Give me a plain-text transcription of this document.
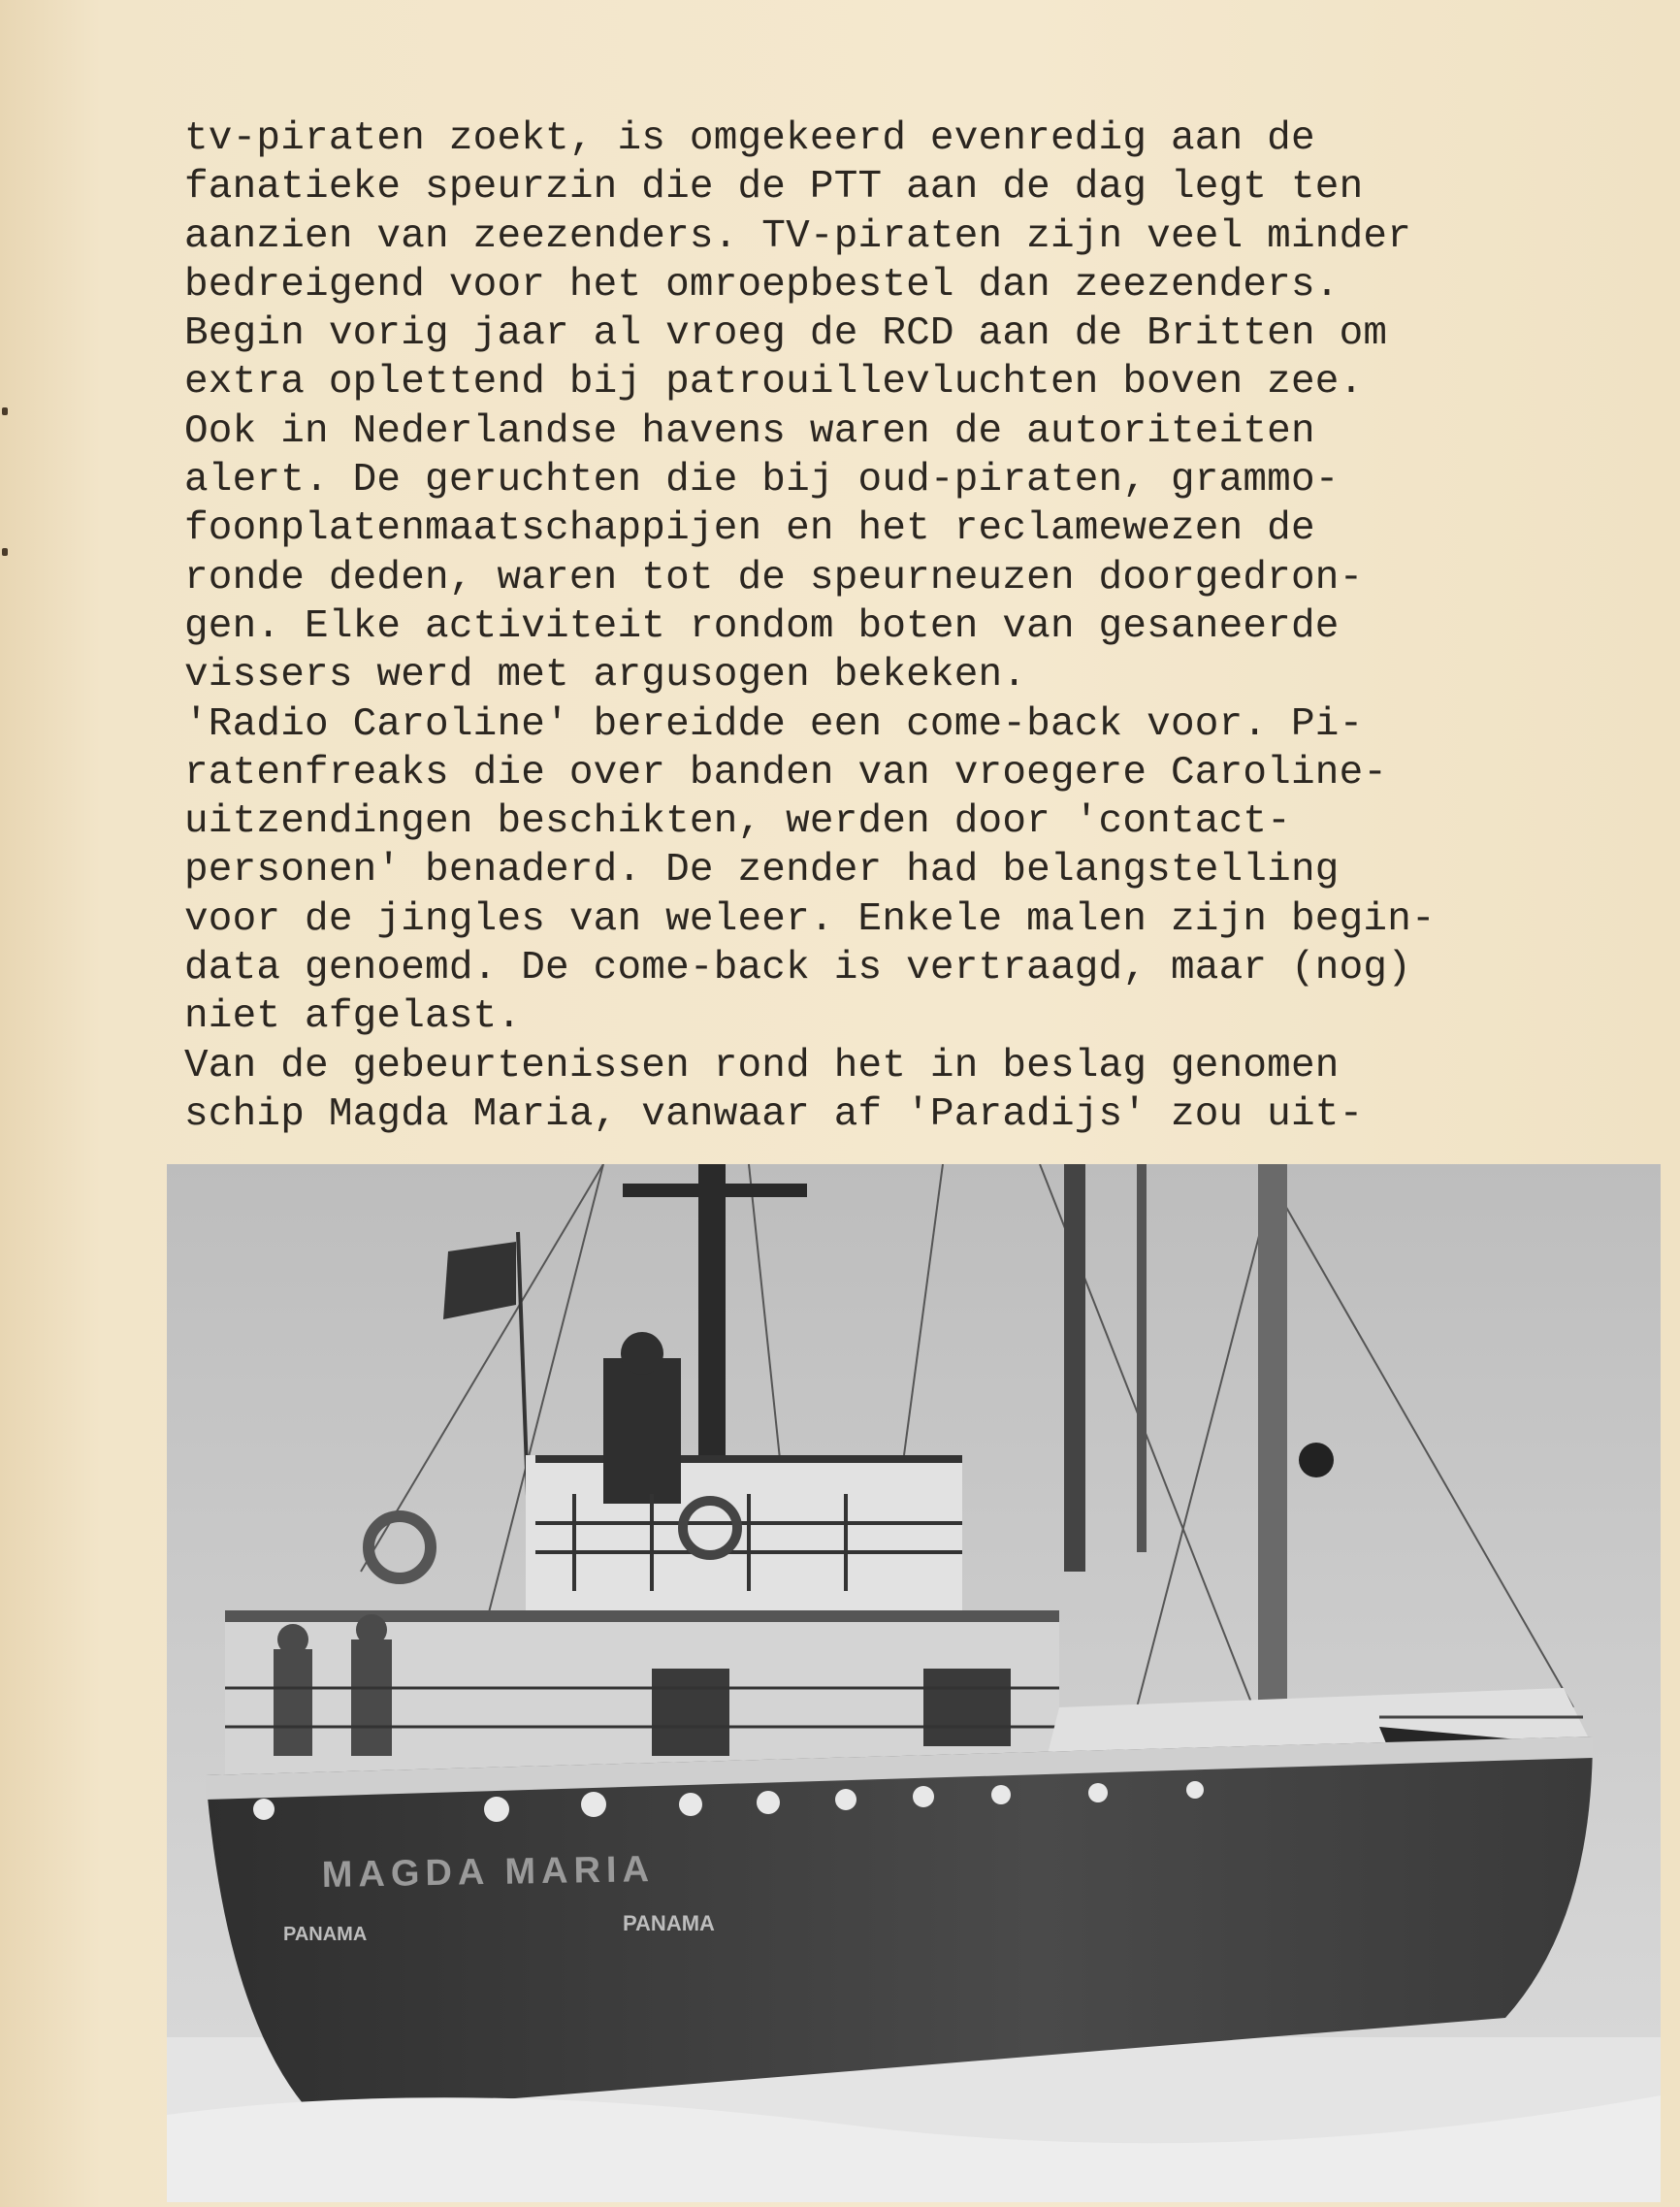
tv-piraten zoekt, is omgekeerd evenredig aan de
fanatieke speurzin die de PTT aan de dag legt ten
aanzien van zeezenders. TV-piraten zijn veel minder
bedreigend voor het omroepbestel dan zeezenders.
Begin vorig jaar al vroeg de RCD aan de Britten om
extra oplettend bij patrouillevluchten boven zee.
Ook in Nederlandse havens waren de autoriteiten
alert. De geruchten die bij oud-piraten, grammo-
foonplatenmaatschappijen en het reclamewezen de
ronde deden, waren tot de speurneuzen doorgedron-
gen. Elke activiteit rondom boten van gesaneerde
vissers werd met argusogen bekeken.
'Radio Caroline' bereidde een come-back voor. Pi-
ratenfreaks die over banden van vroegere Caroline-
uitzendingen beschikten, werden door 'contact-
personen' benaderd. De zender had belangstelling
voor de jingles van weleer. Enkele malen zijn begin-
data genoemd. De come-back is vertraagd, maar (nog)
niet afgelast.
Van de gebeurtenissen rond het in beslag genomen
schip Magda Maria, vanwaar af 'Paradijs' zou uit-
MAGDA MARIA
PANAMA	PANAMA
